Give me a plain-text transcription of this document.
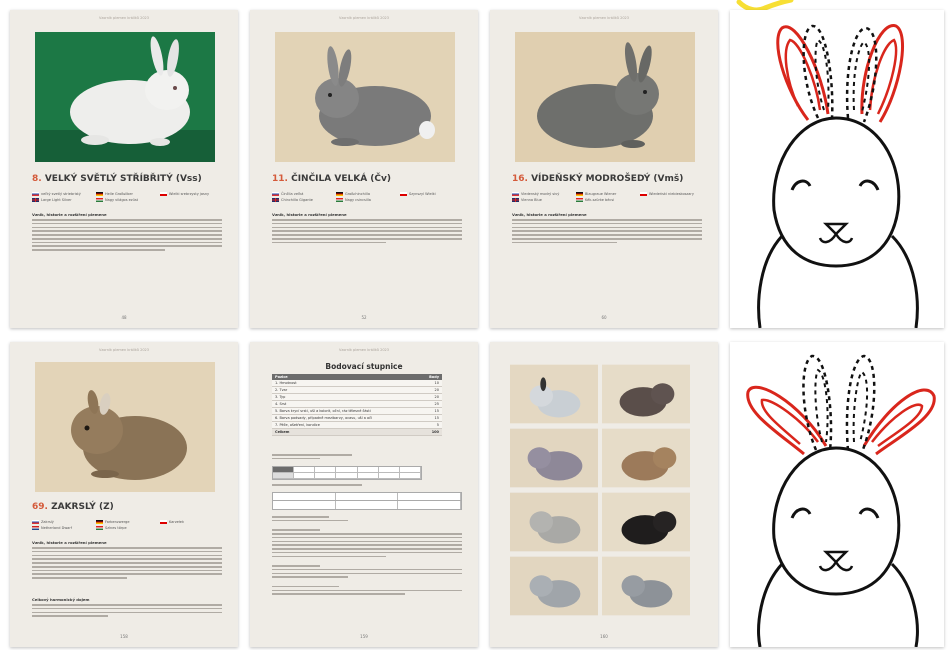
Vzorník plemen králíků 2023
8. VELKÝ SVĚTLÝ STŘÍBŘITÝ (Vss)
veľký svetlý striebristý	Helle Großsilber	Wielki srebrzysty jasny
Large Light Silver	Nagy világos ezüst
Vznik, historie a rozšíření plemene
48
Vzorník plemen králíků 2023
11. ČINČILA VELKÁ (Čv)
Činčila veľká	Großchinchilla	Szynszyl Wielki
Chinchilla Gigante	Nagy csincsilla
Vznik, historie a rozšíření plemene
52
Vzorník plemen králíků 2023
16. VÍDEŇSKÝ MODROŠEDÝ (Vmš)
Viedenský modrý sivý	Blaugraue Wiener	Wiedeński niebieskoszary
Vienna Blue	Kék-szürke bécsi
Vznik, historie a rozšíření plemene
60
Vzorník plemen králíků 2023
69. ZAKRSLÝ (Z)
Zakrslý	Farbenzwerge	Karzełek
Netherland Dwarf	Színes törpe
Vznik, historie a rozšíření plemene
Celkový harmonický dojem
158
Vzorník plemen králíků 2023
Bodovací stupnice
Pozice	Body
1. Hmotnost	10
2. Tvar	20
3. Typ	20
4. Srst	25
5. Barva krycí srsti, uší a kolorit, oční, ráz tělesné části	15
6. Barva podsady, případně mezibarvy, ocasu, uší a očí	15
7. Péče, ošetření, kondice	5
Celkem	100
159	160
